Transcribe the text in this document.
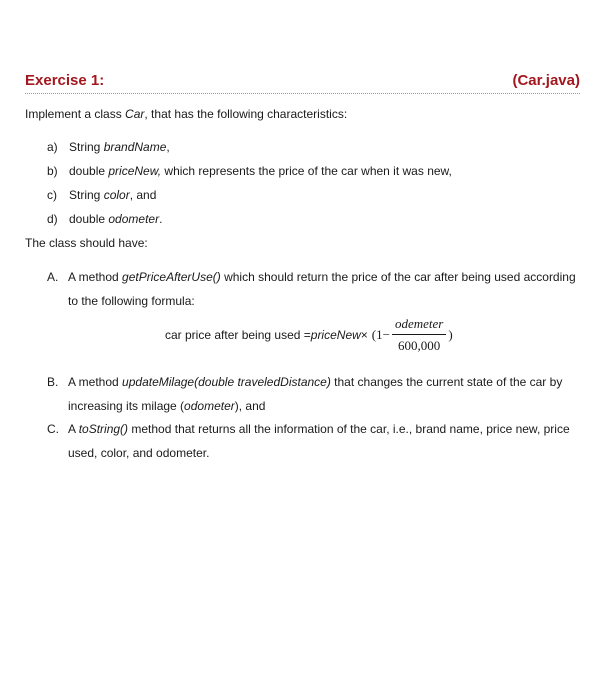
Exercise 1:	(Car.java)
Implement a class Car, that has the following characteristics:
a) String brandName,
b) double priceNew, which represents the price of the car when it was new,
c) String color, and
d) double odometer.
The class should have:
A. A method getPriceAfterUse() which should return the price of the car after being used according to the following formula:
car price after being used = priceNew × ($1- \frac{\text{odemeter}}{600,000}$ )
B. A method updateMilage(double traveledDistance) that changes the current state of the car by increasing its milage (odometer), and
C. A toString() method that returns all the information of the car, i.e., brand name, price new, price used, color, and odometer.
